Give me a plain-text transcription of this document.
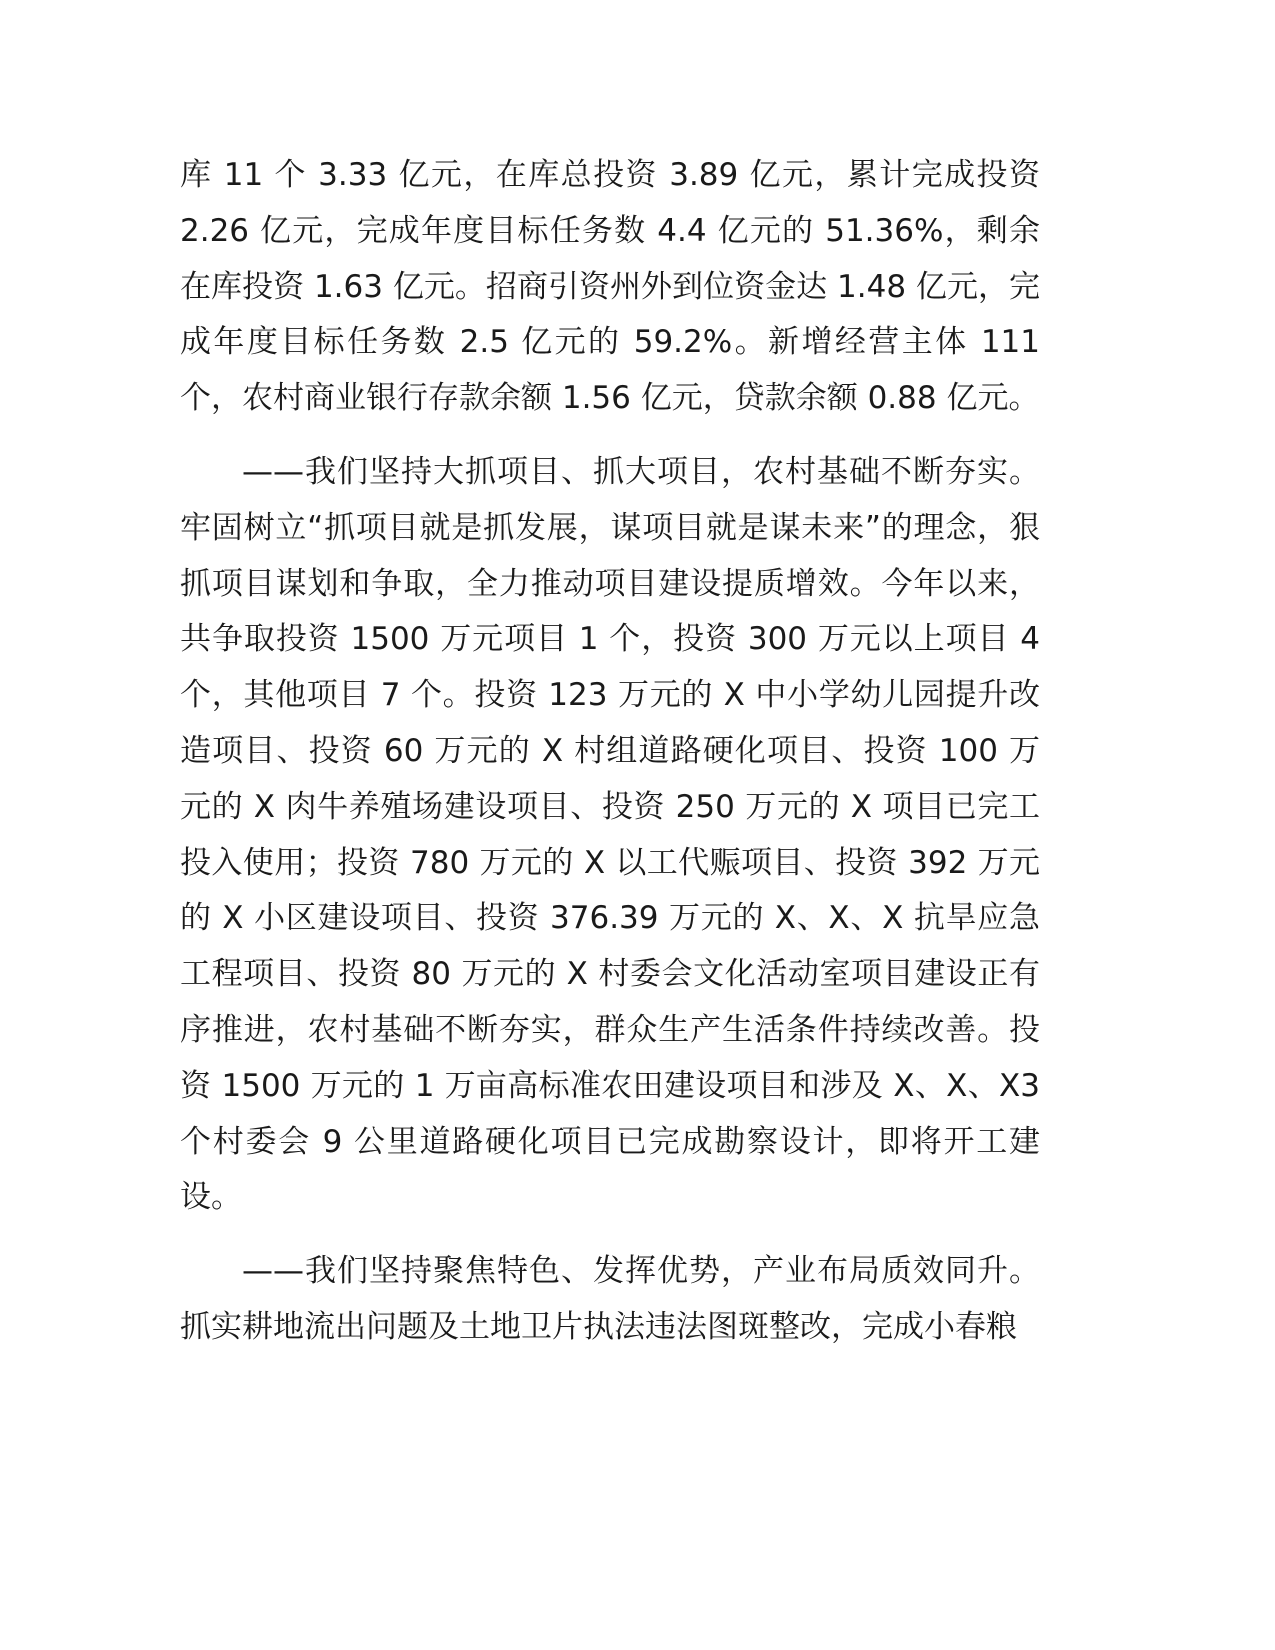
库 11 个 3.33 亿元，在库总投资 3.89 亿元，累计完成投资 2.26 亿元，完成年度目标任务数 4.4 亿元的 51.36%，剩余在库投资 1.63 亿元。招商引资州外到位资金达 1.48 亿元，完成年度目标任务数 2.5 亿元的 59.2%。新增经营主体 111 个，农村商业银行存款余额 1.56 亿元，贷款余额 0.88 亿元。

——我们坚持大抓项目、抓大项目，农村基础不断夯实。牢固树立“抓项目就是抓发展，谋项目就是谋未来”的理念，狠抓项目谋划和争取，全力推动项目建设提质增效。今年以来，共争取投资 1500 万元项目 1 个，投资 300 万元以上项目 4 个，其他项目 7 个。投资 123 万元的 X 中小学幼儿园提升改造项目、投资 60 万元的 X 村组道路硬化项目、投资 100 万元的 X 肉牛养殖场建设项目、投资 250 万元的 X 项目已完工投入使用；投资 780 万元的 X 以工代赈项目、投资 392 万元的 X 小区建设项目、投资 376.39 万元的 X、X、X 抗旱应急工程项目、投资 80 万元的 X 村委会文化活动室项目建设正有序推进，农村基础不断夯实，群众生产生活条件持续改善。投资 1500 万元的 1 万亩高标准农田建设项目和涉及 X、X、X3 个村委会 9 公里道路硬化项目已完成勘察设计，即将开工建设。

——我们坚持聚焦特色、发挥优势，产业布局质效同升。抓实耕地流出问题及土地卫片执法违法图斑整改，完成小春粮
